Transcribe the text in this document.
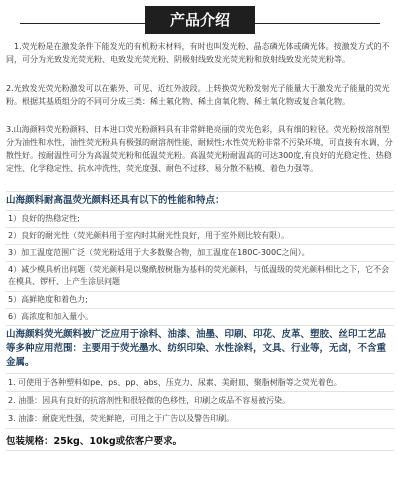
产品介绍
1.荧光粉是在激发条件下能发光的有机粉末材料，有时也叫发光粉、晶态磷光体或磷光体。按激发方式的不同，可分为光致发光荧光粉、电致发光荧光粉、阴极射线致发光荧光粉和放射线致发光荧光粉等。
2.光致发光荧光粉激发可以在紫外、可见、近红外波段。上转换荧光粉发射光子能量大于激发光子能量的荧光粉。根据其基质组分的不同可分成三类：稀土氟化物、稀土卤氧化物、稀土氧化物或复合氧化物。
3.山海颜料荧光粉颜料、日本进口荧光粉颜料具有非常鲜艳亮丽的荧光色彩，具有细的粒径。荧光粉按溶剂型分为油性和水性，油性荧光粉具有极强的耐溶剂性能，耐候性;水性荧光粉非常不污染环境，可直接有水调，分散性好。按耐温性可分为高温荧光粉和低温荧光粉。高温荧光粉耐温高的可达300度,有良好的光稳定性、热稳定性、化学稳定性、抗水冲洗性，荧光度强、耐色不过移、易分散不粘模、着色力强等。
山海颜料耐高温荧光颜料还具有以下的性能和特点：
1）良好的热稳定性;
2）良好的耐光性（荧光颜料用于室内时其耐光性良好，用于室外则比较有限）。
3）加工温度范围广泛（荧光粉适用于大多数聚合物，加工温度在180C-300C之间）。
4）减少模具析出问题（荧光颜料是以聚酰胺树脂为基料的荧光颜料，与低温级的荧光颜料相比之下，它不会在模具、锣杆、上产生涂层问题
5）高鲜艳度和着色力;
6）高浓度和加入量小。
山海颜料荧光颜料被广泛应用于涂料、油漆、油墨、印刷、印花、皮革、塑胶、丝印工艺品等多种应用范围：主要用于荧光墨水、纺织印染、水性涂料，文具、行业等，无卤，不含重金属。
1. 可使用于各种塑料如pe、ps、pp、abs、压克力、尿素、美耐皿、聚脂树脂等之荧光着色。
2. 油墨：因具有良好的抗溶剂性和很轻微的色移性，印刷之成品不容易被污染。
3. 油漆：耐旋光性强，荧光鲜艳，可用之于广告以及警告印刷。
包装规格：25kg、10kg或依客户要求。
